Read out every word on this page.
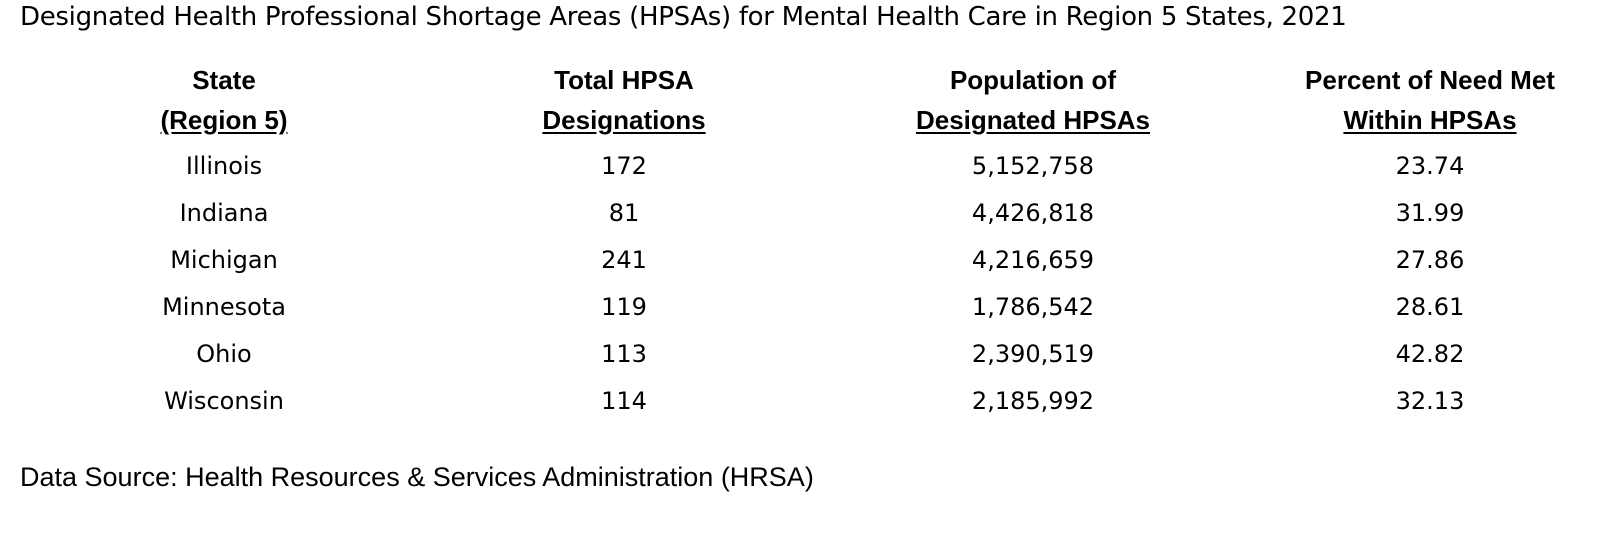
Designated Health Professional Shortage Areas (HPSAs) for Mental Health Care in Region 5 States, 2021
State
(Region 5)
Total HPSA
Designations
Population of
Designated HPSAs
Percent of Need Met
Within HPSAs
Illinois	172	5,152,758	23.74
Indiana	81	4,426,818	31.99
Michigan	241	4,216,659	27.86
Minnesota	119	1,786,542	28.61
Ohio	113	2,390,519	42.82
Wisconsin	114	2,185,992	32.13
Data Source: Health Resources & Services Administration (HRSA)
